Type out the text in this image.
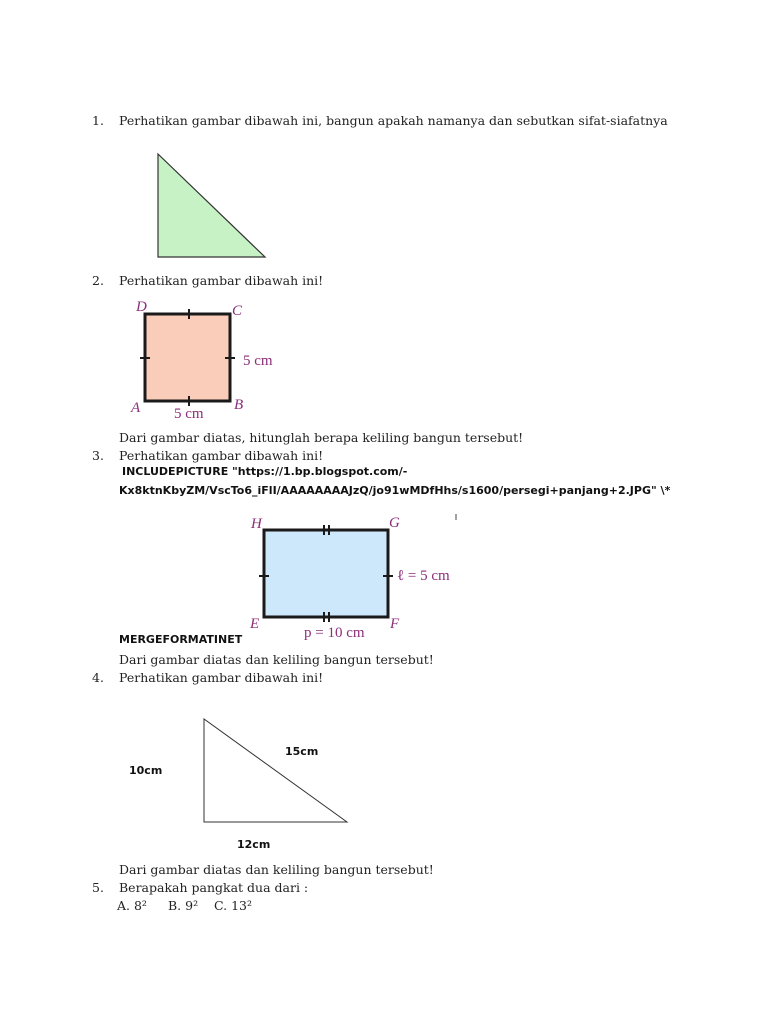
1. Perhatikan gambar dibawah ini, bangun apakah namanya dan sebutkan sifat-siafatnya
2. Perhatikan gambar dibawah ini!
D	C
A	B
5 cm
5 cm
Dari gambar diatas, hitunglah berapa keliling bangun tersebut!
3. Perhatikan gambar dibawah ini!
INCLUDEPICTURE "https://1.bp.blogspot.com/-
Kx8ktnKbyZM/VscTo6_iFlI/AAAAAAAAJzQ/jo91wMDfHhs/s1600/persegi+panjang+2.JPG" \*
H	G
E	F
ℓ = 5 cm
p = 10 cm
MERGEFORMATINET
Dari gambar diatas dan keliling bangun tersebut!
4. Perhatikan gambar dibawah ini!
10cm
15cm
12cm
Dari gambar diatas dan keliling bangun tersebut!
5. Berapakah pangkat dua dari :
A. 8² B. 9² C. 13²
